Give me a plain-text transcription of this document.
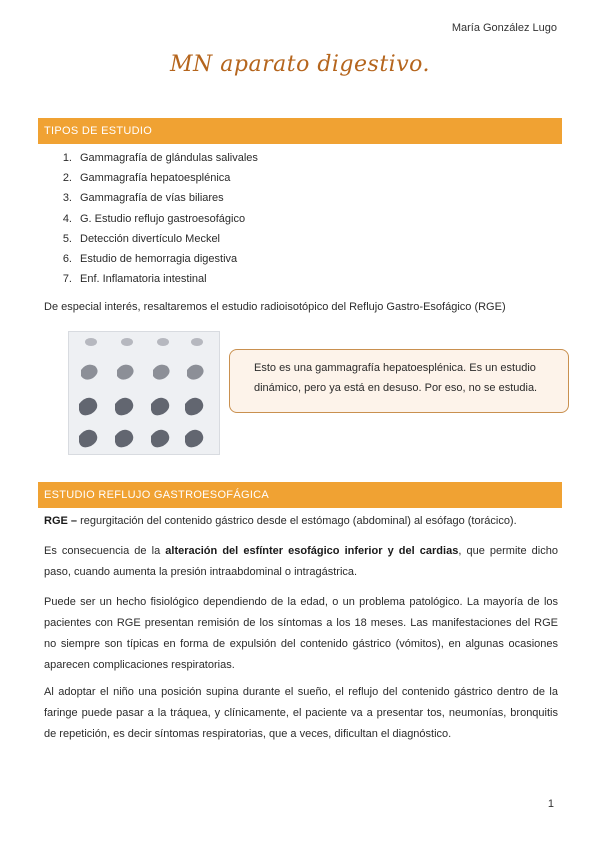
María González Lugo
MN aparato digestivo.
TIPOS DE ESTUDIO
1. Gammagrafía de glándulas salivales
2. Gammagrafía hepatoesplénica
3. Gammagrafía de vías biliares
4. G. Estudio reflujo gastroesofágico
5. Detección divertículo Meckel
6. Estudio de hemorragia digestiva
7. Enf. Inflamatoria intestinal
De especial interés, resaltaremos el estudio radioisotópico del Reflujo Gastro-Esofágico (RGE)
Esto es una gammagrafía hepatoesplénica. Es un estudio dinámico, pero ya está en desuso. Por eso, no se estudia.
ESTUDIO REFLUJO GASTROESOFÁGICA
RGE – regurgitación del contenido gástrico desde el estómago (abdominal) al esófago (torácico).
Es consecuencia de la alteración del esfínter esofágico inferior y del cardias, que permite dicho paso, cuando aumenta la presión intraabdominal o intragástrica.
Puede ser un hecho fisiológico dependiendo de la edad, o un problema patológico. La mayoría de los pacientes con RGE presentan remisión de los síntomas a los 18 meses. Las manifestaciones del RGE no siempre son típicas en forma de expulsión del contenido gástrico (vómitos), en algunas ocasiones aparecen complicaciones respiratorias.
Al adoptar el niño una posición supina durante el sueño, el reflujo del contenido gástrico dentro de la faringe puede pasar a la tráquea, y clínicamente, el paciente va a presentar tos, neumonías, bronquitis de repetición, es decir síntomas respiratorias, que a veces, dificultan el diagnóstico.
1
